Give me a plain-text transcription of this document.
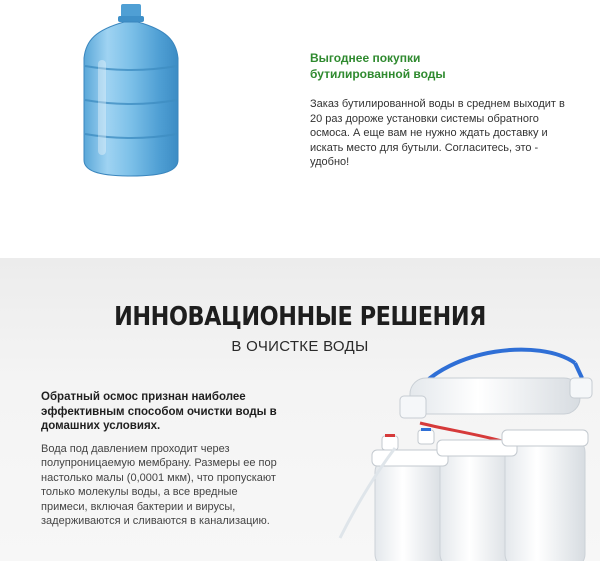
Выгоднее покупки бутилированной воды

Заказ бутилированной воды в среднем выходит в 20 раз дороже установки системы обратного осмоса. А еще вам не нужно ждать доставку и искать место для бутыли. Согласитесь, это - удобно!

ИННОВАЦИОННЫЕ РЕШЕНИЯ

В ОЧИСТКЕ ВОДЫ

Обратный осмос признан наиболее эффективным способом очистки воды в домашних условиях.

Вода под давлением проходит через полупроницаемую мембрану. Размеры ее пор настолько малы (0,0001 мкм), что пропускают только молекулы воды, а все вредные примеси, включая бактерии и вирусы, задерживаются и сливаются в канализацию.
